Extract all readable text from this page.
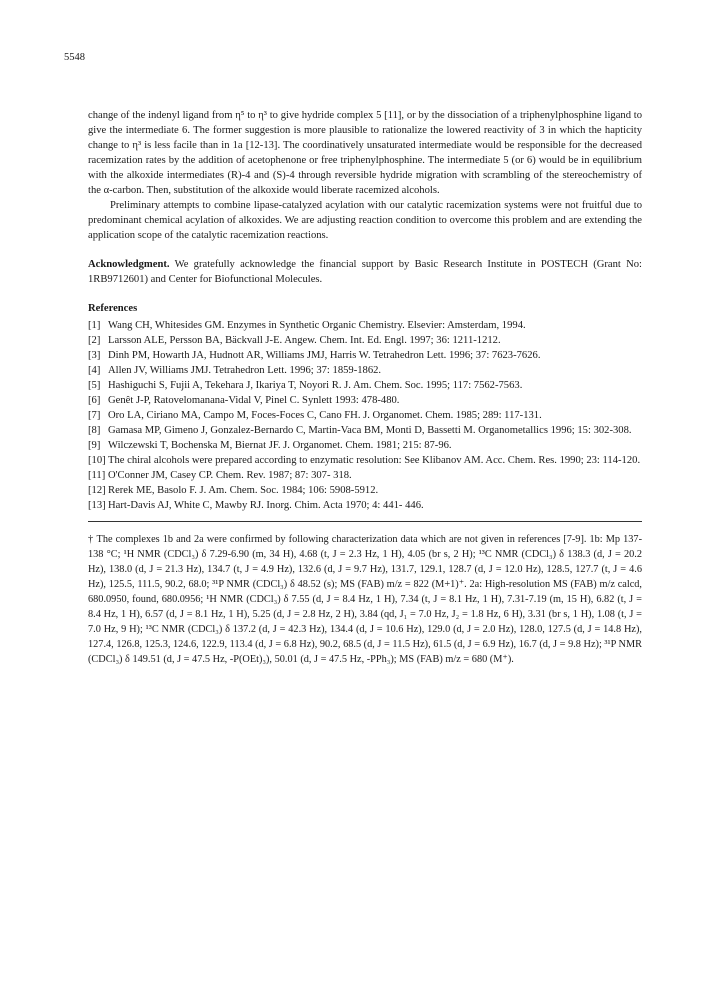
5548

change of the indenyl ligand from η⁵ to η³ to give hydride complex 5 [11], or by the dissociation of a triphenylphosphine ligand to give the intermediate 6. The former suggestion is more plausible to rationalize the lowered reactivity of 3 in which the hapticity change to η³ is less facile than in 1a [12-13]. The coordinatively unsaturated intermediate would be responsible for the decreased racemization rates by the addition of acetophenone or free triphenylphosphine. The intermediate 5 (or 6) would be in equilibrium with the alkoxide intermediates (R)-4 and (S)-4 through reversible hydride migration with scrambling of the stereochemistry of the α-carbon. Then, substitution of the alkoxide would liberate racemized alcohols.

Preliminary attempts to combine lipase-catalyzed acylation with our catalytic racemization systems were not fruitful due to predominant chemical acylation of alkoxides. We are adjusting reaction condition to overcome this problem and are extending the application scope of the catalytic racemization reactions.

Acknowledgment. We gratefully acknowledge the financial support by Basic Research Institute in POSTECH (Grant No: 1RB9712601) and Center for Biofunctional Molecules.

References
[1] Wang CH, Whitesides GM. Enzymes in Synthetic Organic Chemistry. Elsevier: Amsterdam, 1994.
[2] Larsson ALE, Persson BA, Bäckvall J-E. Angew. Chem. Int. Ed. Engl. 1997; 36: 1211-1212.
[3] Dinh PM, Howarth JA, Hudnott AR, Williams JMJ, Harris W. Tetrahedron Lett. 1996; 37: 7623-7626.
[4] Allen JV, Williams JMJ. Tetrahedron Lett. 1996; 37: 1859-1862.
[5] Hashiguchi S, Fujii A, Tekehara J, Ikariya T, Noyori R. J. Am. Chem. Soc. 1995; 117: 7562-7563.
[6] Genêt J-P, Ratovelomanana-Vidal V, Pinel C. Synlett 1993: 478-480.
[7] Oro LA, Ciriano MA, Campo M, Foces-Foces C, Cano FH. J. Organomet. Chem. 1985; 289: 117-131.
[8] Gamasa MP, Gimeno J, Gonzalez-Bernardo C, Martin-Vaca BM, Monti D, Bassetti M. Organometallics 1996; 15: 302-308.
[9] Wilczewski T, Bochenska M, Biernat JF. J. Organomet. Chem. 1981; 215: 87-96.
[10] The chiral alcohols were prepared according to enzymatic resolution: See Klibanov AM. Acc. Chem. Res. 1990; 23: 114-120.
[11] O'Conner JM, Casey CP. Chem. Rev. 1987; 87: 307- 318.
[12] Rerek ME, Basolo F. J. Am. Chem. Soc. 1984; 106: 5908-5912.
[13] Hart-Davis AJ, White C, Mawby RJ. Inorg. Chim. Acta 1970; 4: 441- 446.

† The complexes 1b and 2a were confirmed by following characterization data which are not given in references [7-9]. 1b: Mp 137-138 °C; ¹H NMR (CDCl₃) δ 7.29-6.90 (m, 34 H), 4.68 (t, J = 2.3 Hz, 1 H), 4.05 (br s, 2 H); ¹³C NMR (CDCl₃) δ 138.3 (d, J = 20.2 Hz), 138.0 (d, J = 21.3 Hz), 134.7 (t, J = 4.9 Hz), 132.6 (d, J = 9.7 Hz), 131.7, 129.1, 128.7 (d, J = 12.0 Hz), 128.5, 127.7 (t, J = 4.6 Hz), 125.5, 111.5, 90.2, 68.0; ³¹P NMR (CDCl₃) δ 48.52 (s); MS (FAB) m/z = 822 (M+1)⁺. 2a: High-resolution MS (FAB) m/z calcd, 680.0950, found, 680.0956; ¹H NMR (CDCl₃) δ 7.55 (d, J = 8.4 Hz, 1 H), 7.34 (t, J = 8.1 Hz, 1 H), 7.31-7.19 (m, 15 H), 6.82 (t, J = 8.4 Hz, 1 H), 6.57 (d, J = 8.1 Hz, 1 H), 5.25 (d, J = 2.8 Hz, 2 H), 3.84 (qd, J₁ = 7.0 Hz, J₂ = 1.8 Hz, 6 H), 3.31 (br s, 1 H), 1.08 (t, J = 7.0 Hz, 9 H); ¹³C NMR (CDCl₃) δ 137.2 (d, J = 42.3 Hz), 134.4 (d, J = 10.6 Hz), 129.0 (d, J = 2.0 Hz), 128.0, 127.5 (d, J = 14.8 Hz), 127.4, 126.8, 125.3, 124.6, 122.9, 113.4 (d, J = 6.8 Hz), 90.2, 68.5 (d, J = 11.5 Hz), 61.5 (d, J = 6.9 Hz), 16.7 (d, J = 9.8 Hz); ³¹P NMR (CDCl₃) δ 149.51 (d, J = 47.5 Hz, -P(OEt)₃), 50.01 (d, J = 47.5 Hz, -PPh₃); MS (FAB) m/z = 680 (M⁺).
